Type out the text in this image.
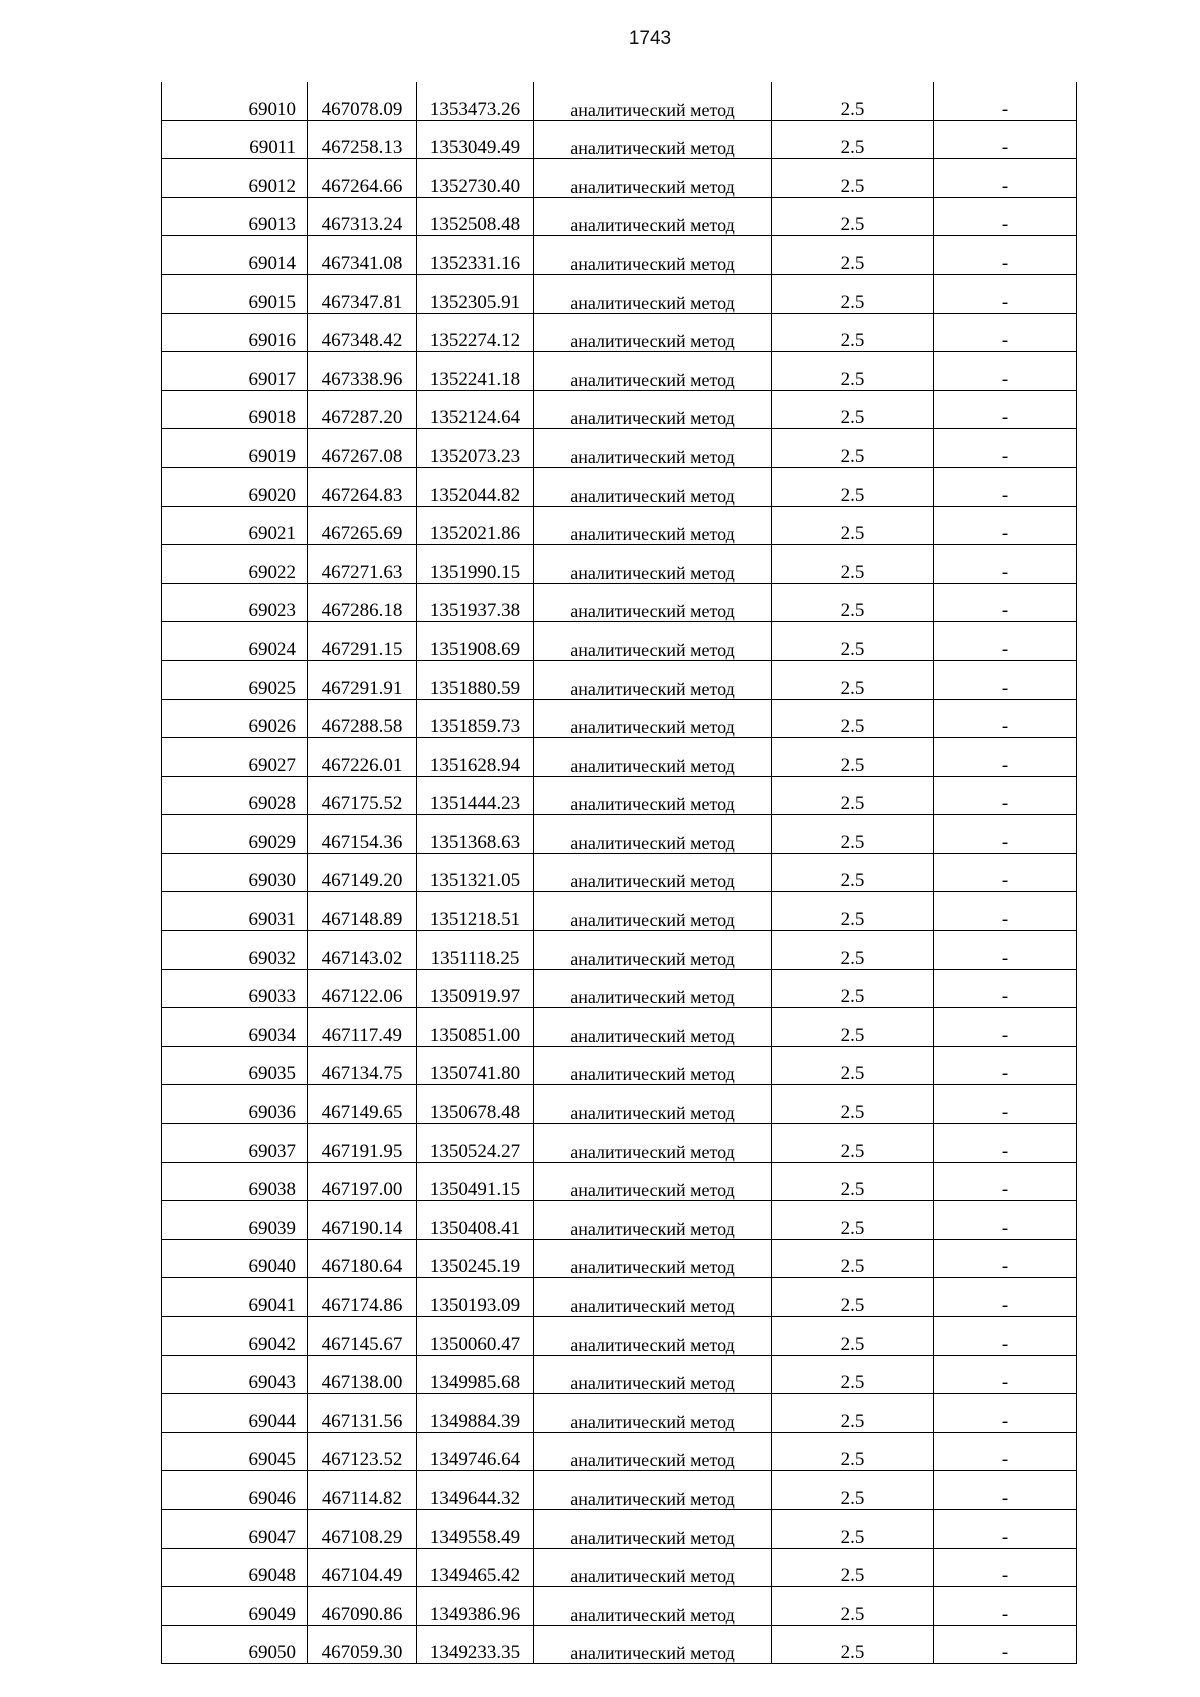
1743
69010	467078.09	1353473.26	аналитический метод	2.5	-
69011	467258.13	1353049.49	аналитический метод	2.5	-
69012	467264.66	1352730.40	аналитический метод	2.5	-
69013	467313.24	1352508.48	аналитический метод	2.5	-
69014	467341.08	1352331.16	аналитический метод	2.5	-
69015	467347.81	1352305.91	аналитический метод	2.5	-
69016	467348.42	1352274.12	аналитический метод	2.5	-
69017	467338.96	1352241.18	аналитический метод	2.5	-
69018	467287.20	1352124.64	аналитический метод	2.5	-
69019	467267.08	1352073.23	аналитический метод	2.5	-
69020	467264.83	1352044.82	аналитический метод	2.5	-
69021	467265.69	1352021.86	аналитический метод	2.5	-
69022	467271.63	1351990.15	аналитический метод	2.5	-
69023	467286.18	1351937.38	аналитический метод	2.5	-
69024	467291.15	1351908.69	аналитический метод	2.5	-
69025	467291.91	1351880.59	аналитический метод	2.5	-
69026	467288.58	1351859.73	аналитический метод	2.5	-
69027	467226.01	1351628.94	аналитический метод	2.5	-
69028	467175.52	1351444.23	аналитический метод	2.5	-
69029	467154.36	1351368.63	аналитический метод	2.5	-
69030	467149.20	1351321.05	аналитический метод	2.5	-
69031	467148.89	1351218.51	аналитический метод	2.5	-
69032	467143.02	1351118.25	аналитический метод	2.5	-
69033	467122.06	1350919.97	аналитический метод	2.5	-
69034	467117.49	1350851.00	аналитический метод	2.5	-
69035	467134.75	1350741.80	аналитический метод	2.5	-
69036	467149.65	1350678.48	аналитический метод	2.5	-
69037	467191.95	1350524.27	аналитический метод	2.5	-
69038	467197.00	1350491.15	аналитический метод	2.5	-
69039	467190.14	1350408.41	аналитический метод	2.5	-
69040	467180.64	1350245.19	аналитический метод	2.5	-
69041	467174.86	1350193.09	аналитический метод	2.5	-
69042	467145.67	1350060.47	аналитический метод	2.5	-
69043	467138.00	1349985.68	аналитический метод	2.5	-
69044	467131.56	1349884.39	аналитический метод	2.5	-
69045	467123.52	1349746.64	аналитический метод	2.5	-
69046	467114.82	1349644.32	аналитический метод	2.5	-
69047	467108.29	1349558.49	аналитический метод	2.5	-
69048	467104.49	1349465.42	аналитический метод	2.5	-
69049	467090.86	1349386.96	аналитический метод	2.5	-
69050	467059.30	1349233.35	аналитический метод	2.5	-
